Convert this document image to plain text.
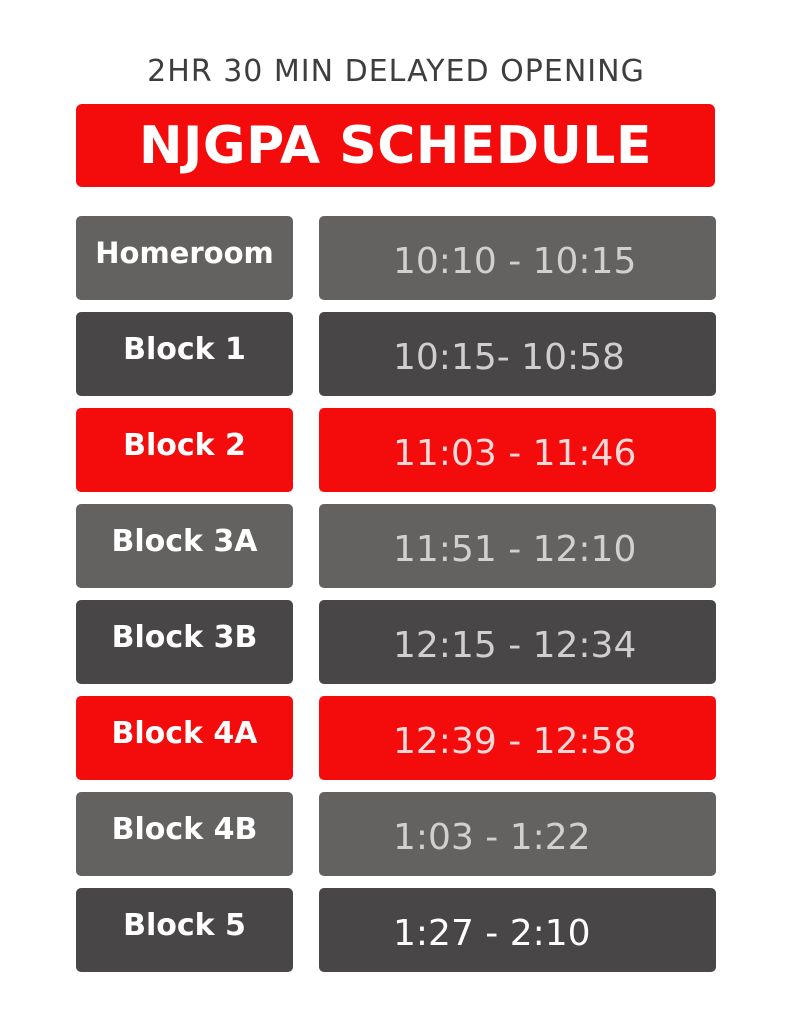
2HR 30 MIN DELAYED OPENING
NJGPA SCHEDULE
Homeroom	10:10 - 10:15
Block 1	10:15- 10:58
Block 2	11:03 - 11:46
Block 3A	11:51 - 12:10
Block 3B	12:15 - 12:34
Block 4A	12:39 - 12:58
Block 4B	1:03 - 1:22
Block 5	1:27 - 2:10
